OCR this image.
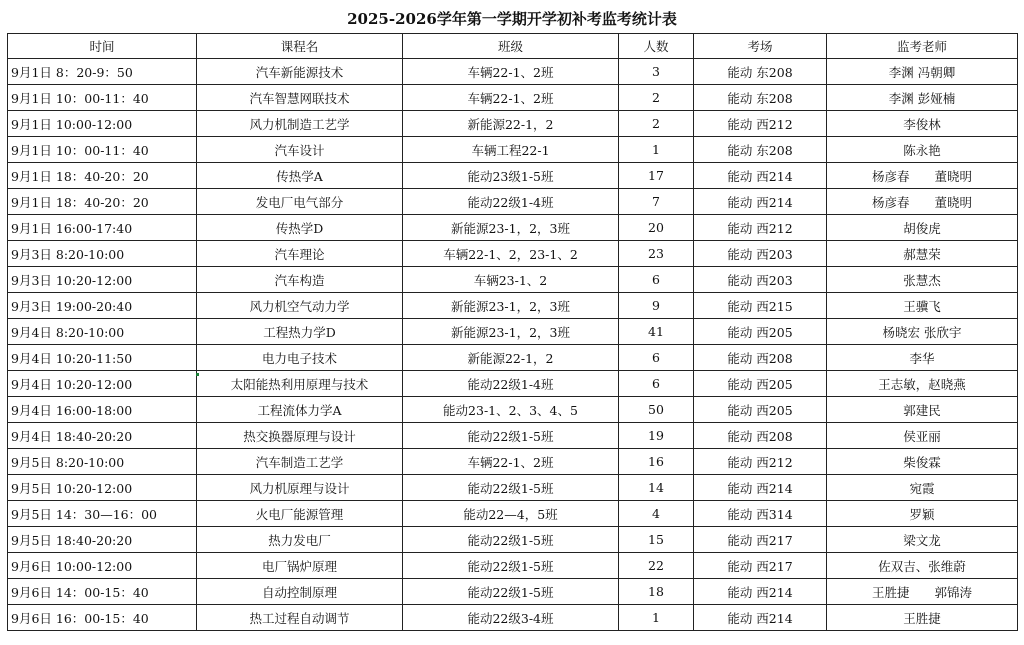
2025-2026学年第一学期开学初补考监考统计表
时间	课程名	班级	人数	考场	监考老师
9月1日 8：20-9：50	汽车新能源技术	车辆22-1、2班	3	能动 东208	李渊 冯朝卿
9月1日 10：00-11：40	汽车智慧网联技术	车辆22-1、2班	2	能动 东208	李渊 彭娅楠
9月1日 10:00-12:00	风力机制造工艺学	新能源22-1，2	2	能动 西212	李俊林
9月1日 10：00-11：40	汽车设计	车辆工程22-1	1	能动 东208	陈永艳
9月1日 18：40-20：20	传热学A	能动23级1-5班	17	能动 西214	杨彦春　　董晓明
9月1日 18：40-20：20	发电厂电气部分	能动22级1-4班	7	能动 西214	杨彦春　　董晓明
9月1日 16:00-17:40	传热学D	新能源23-1，2，3班	20	能动 西212	胡俊虎
9月3日 8:20-10:00	汽车理论	车辆22-1、2，23-1、2	23	能动 西203	郝慧荣
9月3日 10:20-12:00	汽车构造	车辆23-1、2	6	能动 西203	张慧杰
9月3日 19:00-20:40	风力机空气动力学	新能源23-1，2，3班	9	能动 西215	王骥飞
9月4日 8:20-10:00	工程热力学D	新能源23-1，2，3班	41	能动 西205	杨晓宏 张欣宇
9月4日 10:20-11:50	电力电子技术	新能源22-1，2	6	能动 西208	李华
9月4日 10:20-12:00	太阳能热利用原理与技术	能动22级1-4班	6	能动 西205	王志敏，赵晓燕
9月4日 16:00-18:00	工程流体力学A	能动23-1、2、3、4、5	50	能动 西205	郭建民
9月4日 18:40-20:20	热交换器原理与设计	能动22级1-5班	19	能动 西208	侯亚丽
9月5日 8:20-10:00	汽车制造工艺学	车辆22-1、2班	16	能动 西212	柴俊霖
9月5日 10:20-12:00	风力机原理与设计	能动22级1-5班	14	能动 西214	宛霞
9月5日 14：30—16：00	火电厂能源管理	能动22—4，5班	4	能动 西314	罗颖
9月5日 18:40-20:20	热力发电厂	能动22级1-5班	15	能动 西217	梁文龙
9月6日 10:00-12:00	电厂锅炉原理	能动22级1-5班	22	能动 西217	佐双吉、张维蔚
9月6日 14：00-15：40	自动控制原理	能动22级1-5班	18	能动 西214	王胜捷　　郭锦涛
9月6日 16：00-15：40	热工过程自动调节	能动22级3-4班	1	能动 西214	王胜捷
